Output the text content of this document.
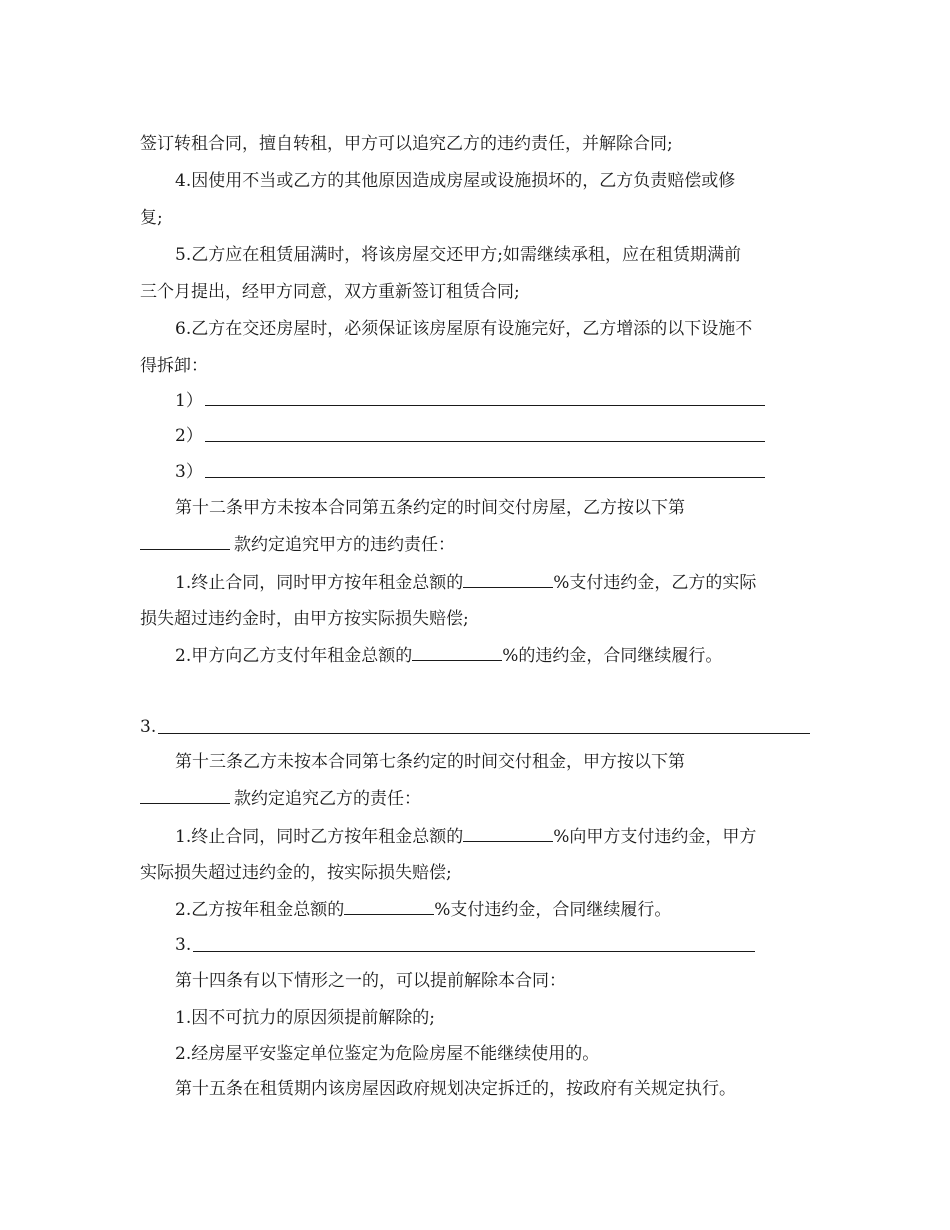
签订转租合同，擅自转租，甲方可以追究乙方的违约责任，并解除合同;
4.因使用不当或乙方的其他原因造成房屋或设施损坏的，乙方负责赔偿或修
复;
5.乙方应在租赁届满时，将该房屋交还甲方;如需继续承租，应在租赁期满前
三个月提出，经甲方同意，双方重新签订租赁合同;
6.乙方在交还房屋时，必须保证该房屋原有设施完好，乙方增添的以下设施不
得拆卸：
1）
2）
3）
第十二条甲方未按本合同第五条约定的时间交付房屋，乙方按以下第
款约定追究甲方的违约责任：
1.终止合同，同时甲方按年租金总额的	%支付违约金，乙方的实际
损失超过违约金时，由甲方按实际损失赔偿;
2.甲方向乙方支付年租金总额的	%的违约金，合同继续履行。
3.
第十三条乙方未按本合同第七条约定的时间交付租金，甲方按以下第
款约定追究乙方的责任：
1.终止合同，同时乙方按年租金总额的	%向甲方支付违约金，甲方
实际损失超过违约金的，按实际损失赔偿;
2.乙方按年租金总额的	%支付违约金，合同继续履行。
3.
第十四条有以下情形之一的，可以提前解除本合同：
1.因不可抗力的原因须提前解除的;
2.经房屋平安鉴定单位鉴定为危险房屋不能继续使用的。
第十五条在租赁期内该房屋因政府规划决定拆迁的，按政府有关规定执行。
